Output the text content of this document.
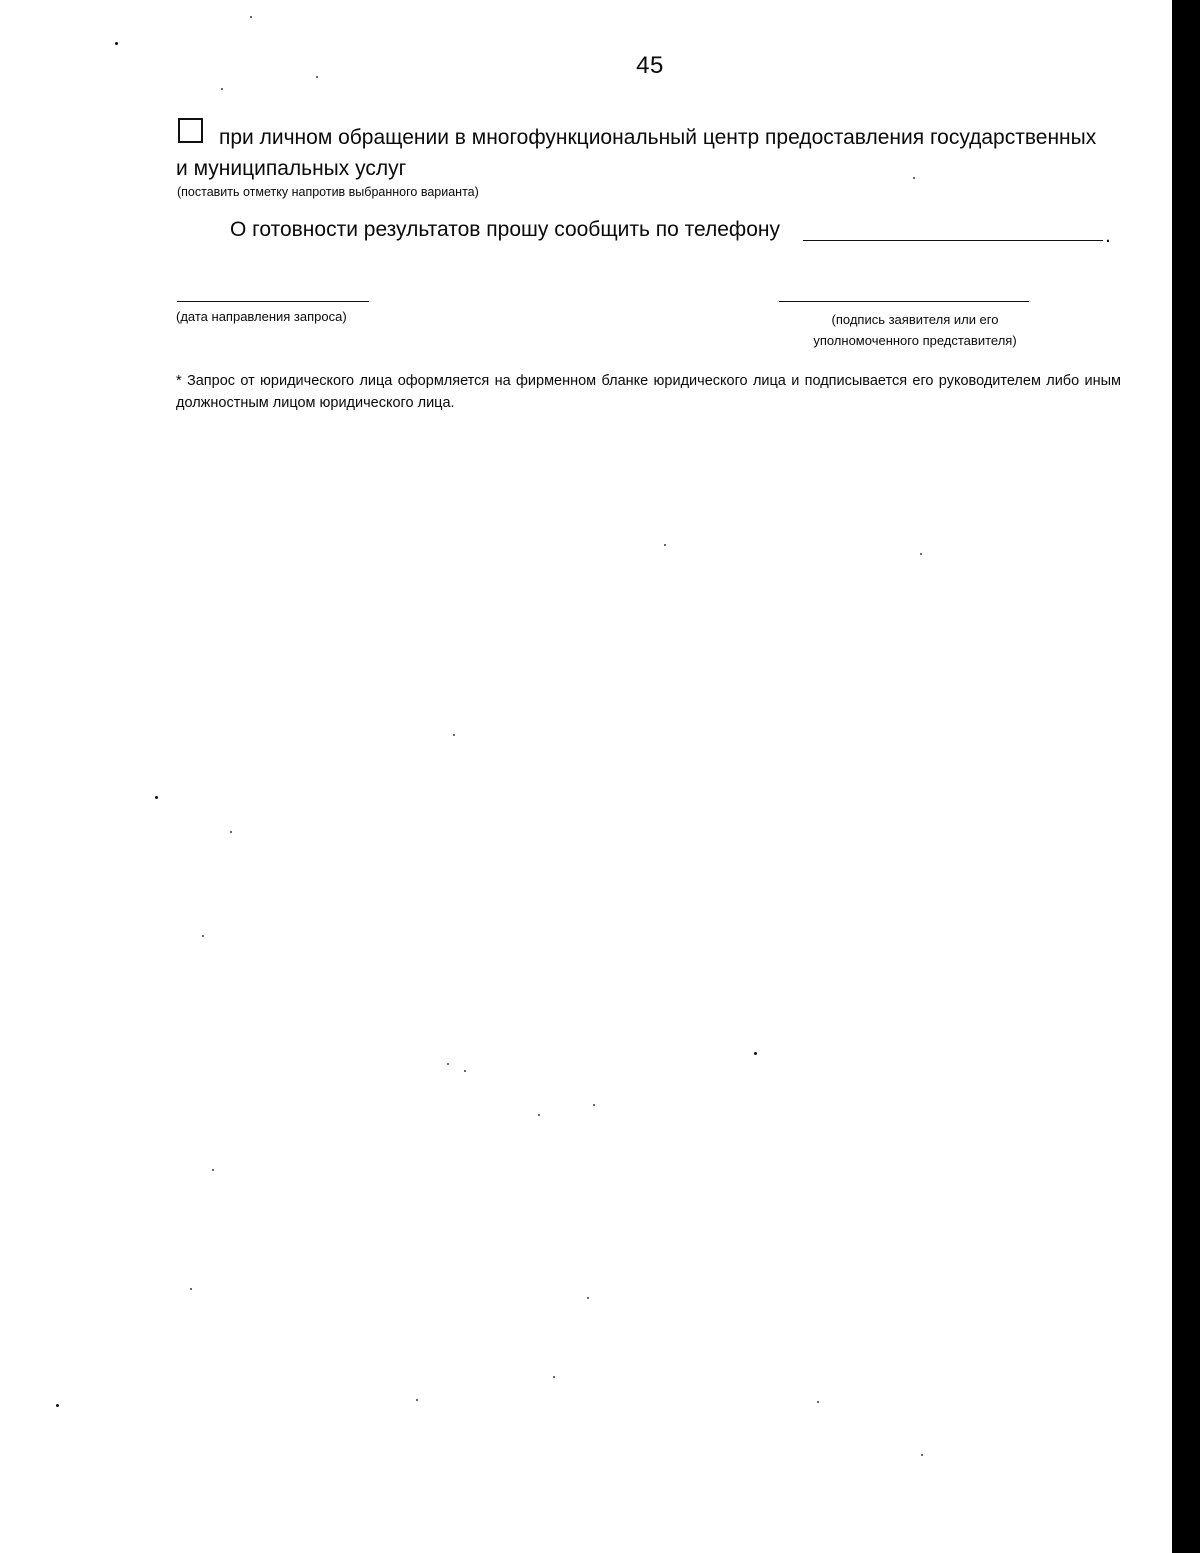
45
при личном обращении в многофункциональный центр предоставления государственных
и муниципальных услуг
(поставить отметку напротив выбранного варианта)
О готовности результатов прошу сообщить по телефону	.
(дата направления запроса)	(подпись заявителя или его
уполномоченного представителя)
* Запрос от юридического лица оформляется на фирменном бланке юридического лица и подписывается его руководителем либо иным должностным лицом юридического лица.
